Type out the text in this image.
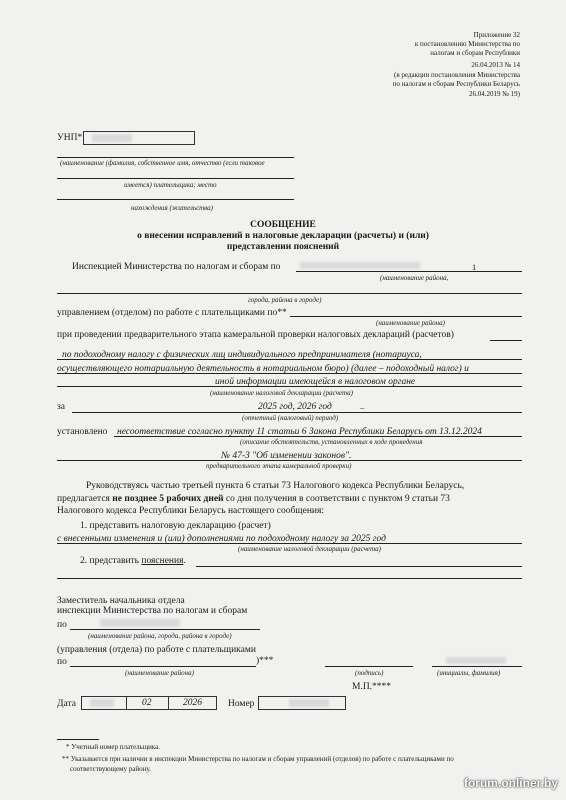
Приложение 32
к постановлению Министерства по
налогам и сборам Республики
26.04.2013 № 14
(в редакции постановления Министерства
по налогам и сборам Республики Беларусь
26.04.2019 № 19)
УНП*
(наименование (фамилия, собственное имя, отчество (если таковое
имеется) плательщика; место
нахождения (жительства)
СООБЩЕНИЕ
о внесении исправлений в налоговые декларации (расчеты) и (или)
представлении пояснений
Инспекцией Министерства по налогам и сборам по	1
(наименование района,
города, района в городе)
управлением (отделом) по работе с плательщиками по**
(наименование района)
при проведении предварительного этапа камеральной проверки налоговых деклараций (расчетов)
по подоходному налогу с физических лиц индивидуального предпринимателя (нотариуса,
осуществляющего нотариальную деятельность в нотариальном бюро) (далее – подоходный налог) и
иной информации имеющейся в налоговом органе
(наименование налоговой декларации (расчета)
за	2025 год, 2026 год	–
(отчетный (налоговый) период)
установлено несоответствие согласно пункту 11 статьи 6 Закона Республики Беларусь от 13.12.2024
(описание обстоятельств, установленных в ходе проведения
№ 47-З "Об изменении законов".
предварительного этапа камеральной проверки)
Руководствуясь частью третьей пункта 6 статьи 73 Налогового кодекса Республики Беларусь,
предлагается не позднее 5 рабочих дней со дня получения в соответствии с пунктом 9 статьи 73
Налогового кодекса Республики Беларусь настоящего сообщения:
1. представить налоговую декларацию (расчет)
с внесенными изменения и (или) дополнениями по подоходному налогу за 2025 год
(наименование налоговой декларации (расчета)
2. представить пояснения.
Заместитель начальника отдела
инспекции Министерства по налогам и сборам
по
(наименование района, города, района в городе)
(управления (отдела) по работе с плательщиками
по	)***
(наименование района)	(подпись)	(инициалы, фамилия)
М.П.****
Дата	02	2026	Номер
* Учетный номер плательщика.
** Указывается при наличии в инспекции Министерства по налогам и сборам управлений (отделов) по работе с плательщиками по
соответствующему району.
forum.onliner.by
